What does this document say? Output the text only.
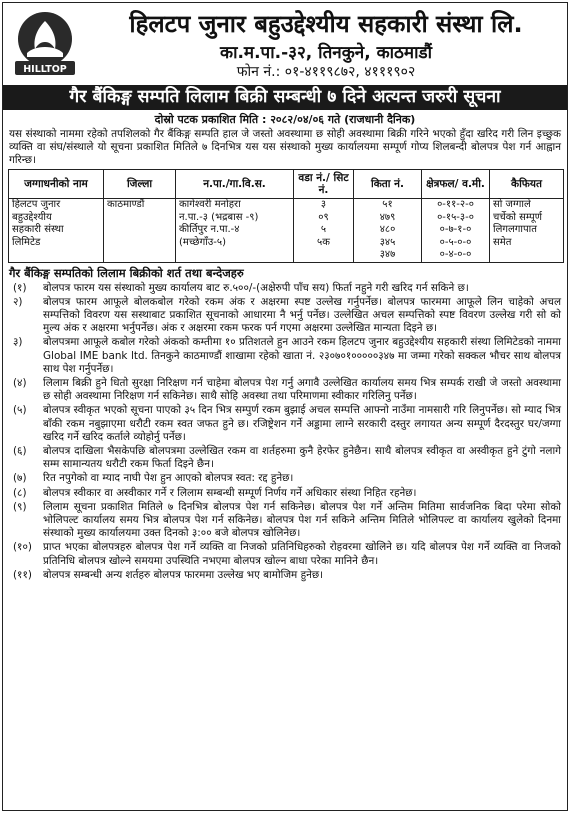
HILLTOP
हिलटप जुनार बहुउद्देश्यीय सहकारी संस्था लि.
का.म.पा.-३२, तिनकुने, काठमाडौं
फोन नं.: ०१-४११९८७२, ४१११९०२
गैर बैंकिङ्ग सम्पति लिलाम बिक्री सम्बन्धी ७ दिने अत्यन्त जरुरी सूचना
दोस्रो पटक प्रकाशित मिति : २०८२/०४/०६ गते (राजधानी दैनिक)
यस संस्थाको नाममा रहेको तपशिलको गैर बैंकिङ्ग सम्पति हाल जे जस्तो अवस्थामा छ सोही अवस्थामा बिक्री गरिने भएको हुँदा खरिद गरी लिन इच्छुक व्यक्ति वा संघ/संस्थाले यो सूचना प्रकाशित मितिले ७ दिनभित्र यस यस संस्थाको मुख्य कार्यालयमा सम्पूर्ण गोप्य शिलबन्दी बोलपत्र पेश गर्न आह्वान गरिन्छ।
जग्गाधनीको नाम	जिल्ला	न.पा./गा.वि.स.	वडा नं./ सिट नं.	किता नं.	क्षेत्रफल/ व.मी.	कैफियत
हिलटप जुनार	काठमाण्डौं	कागेश्वरी मनोहरा	३	५१	०-११-२-०	सो जग्गाले
बहुउद्देश्यीय		न.पा.-३ (भद्रबास -९)	०९	४७९	०-१५-३-०	चर्चेको सम्पूर्ण
सहकारी संस्था		कीर्तिपुर न.पा.-४	५	४८०	०-७-१-०	लिगलगापात
लिमिटेड		(मच्छेगाँउ-५)	५क	३४५	०-५-०-०	समेत
				३४७	०-४-०-०	
गैर बैंकिङ्ग सम्पतिको लिलाम बिक्रीको शर्त तथा बन्देजहरु
(१)	बोलपत्र फारम यस संस्थाको मुख्य कार्यालय बाट रु.५००/-(अक्षेरुपी पाँच सय) फिर्ता नहुने गरी खरिद गर्न सकिने छ।
२)	बोलपत्र फारम आफूले बोलकबोल गरेको रकम अंक र अक्षरमा स्पष्ट उल्लेख गर्नुपर्नेछ। बोलपत्र फारममा आफूले लिन चाहेको अचल सम्पत्तिको विवरण यस सस्थाबाट प्रकाशित सूचनाको आधारमा नै भर्नु पर्नेछ। उल्लेखित अचल सम्पत्तिको स्पष्ट विवरण उल्लेख गरी सो को मुल्य अंक र अक्षरमा भर्नुपर्नेछ। अंक र अक्षरमा रकम फरक पर्न गएमा अक्षरमा उल्लेखित मान्यता दिइने छ।
३)	बोलपत्रमा आफूले कबोल गरेको अंकको कम्तीमा १० प्रतिशतले हुन आउने रकम हिलटप जुनार बहुउद्देश्यीय सहकारी संस्था लिमिटेडको नाममा Global IME bank ltd. तिनकुने काठमाण्डौं शाखामा रहेको खाता नं. २३०७०१०००००३४७ मा जम्मा गरेको सक्कल भौचर साथ बोलपत्र साथ पेश गर्नुपर्नेछ।
(४)	लिलाम बिक्री हुने धितो सुरक्षा निरिक्षण गर्न चाहेमा बोलपत्र पेश गर्नु अगावै उल्लेखित कार्यालय समय भित्र सम्पर्क राखी जे जस्तो अवस्थामा छ सोही अवस्थामा निरिक्षण गर्न सकिनेछ। साथै सोहि अवस्था तथा परिमाणमा स्वीकार गरिलिनु पर्नेछ।
(५)	बोलपत्र स्वीकृत भएको सूचना पाएको ३५ दिन भित्र सम्पुर्ण रकम बुझाई अचल सम्पत्ति आफ्नो नाउँमा नामसारी गरि लिनुपर्नेछ। सो म्याद भित्र बाँकी रकम नबुझाएमा धरौटी रकम स्वत जफत हुने छ। रजिष्ट्रेशन गर्ने अड्डामा लाग्ने सरकारी दस्तुर लगायत अन्य सम्पूर्ण दैरदस्तुर घर/जग्गा खरिद गर्ने खरिद कर्ताले व्योहोर्नु पर्नेछ।
(६)	बोलपत्र दाखिला भैसकेपछि बोलपत्रमा उल्लेखित रकम वा शर्तहरुमा कुनै हेरफेर हुनेछैन। साथै बोलपत्र स्वीकृत वा अस्वीकृत हुने टुंगो नलागे सम्म सामान्यतय धरौटी रकम फिर्ता दिइने छैन।
(७)	रित नपुगेको वा म्याद नाघी पेश हुन आएको बोलपत्र स्वत: रद्द हुनेछ।
(८)	बोलपत्र स्वीकार वा अस्वीकार गर्ने र लिलाम सम्बन्धी सम्पूर्ण निर्णय गर्ने अधिकार संस्था निहित रहनेछ।
(९)	लिलाम सूचना प्रकाशित मितिले ७ दिनभित्र बोलपत्र पेश गर्न सकिनेछ। बोलपत्र पेश गर्ने अन्तिम मितिमा सार्वजनिक बिदा परेमा सोको भोलिपल्ट कार्यालय समय भित्र बोलपत्र पेश गर्न सकिनेछ। बोलपत्र पेश गर्न सकिने अन्तिम मितिले भोलिपल्ट वा कार्यालय खुलेको दिनमा संस्थाको मुख्य कार्यालयमा उक्त दिनको ३:०० बजे बोलपत्र खोलिनेछ।
(१०)	प्राप्त भएका बोलपत्रहरु बोलपत्र पेश गर्ने व्यक्ति वा निजको प्रतिनिधिहरुको रोहवरमा खोलिने छ। यदि बोलपत्र पेश गर्ने व्यक्ति वा निजको प्रतिनिधि बोलपत्र खोल्ने समयमा उपस्थिति नभएमा बोलपत्र खोल्न बाधा परेका मानिने छैन।
(११)	बोलपत्र सम्बन्धी अन्य शर्तहरु बोलपत्र फारममा उल्लेख भए बामोजिम हुनेछ।
